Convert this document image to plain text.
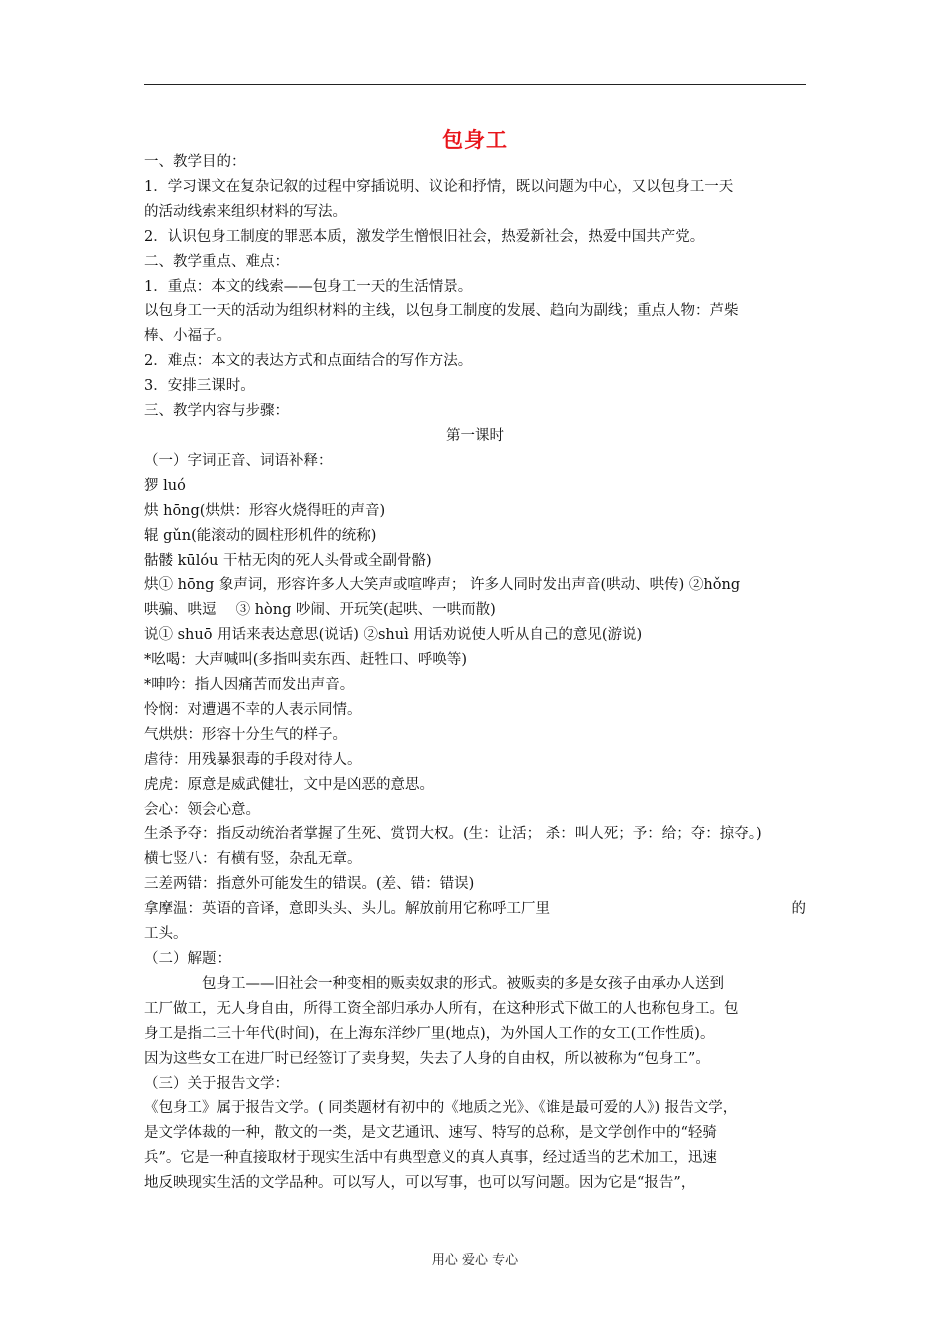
包身工

一、教学目的：

1．学习课文在复杂记叙的过程中穿插说明、议论和抒情，既以问题为中心，又以包身工一天

的活动线索来组织材料的写法。

2．认识包身工制度的罪恶本质，激发学生憎恨旧社会，热爱新社会，热爱中国共产党。

二、教学重点、难点：

1．重点：本文的线索——包身工一天的生活情景。

以包身工一天的活动为组织材料的主线，以包身工制度的发展、趋向为副线；重点人物：芦柴

棒、小福子。

2．难点：本文的表达方式和点面结合的写作方法。

3．安排三课时。

三、教学内容与步骤：

第一课时

（一）字词正音、词语补释：

猡 luó

烘 hōng(烘烘：形容火烧得旺的声音)

辊 gǔn(能滚动的圆柱形机件的统称)

骷髅 kūlóu 干枯无肉的死人头骨或全副骨骼)

烘① hōng 象声词，形容许多人大笑声或喧哗声； 许多人同时发出声音(哄动、哄传) ②hǒng

哄骗、哄逗　 ③ hòng 吵闹、开玩笑(起哄、一哄而散)

说① shuō 用话来表达意思(说话) ②shuì 用话劝说使人听从自己的意见(游说)

*吆喝：大声喊叫(多指叫卖东西、赶牲口、呼唤等)

*呻吟：指人因痛苦而发出声音。

怜悯：对遭遇不幸的人表示同情。

气烘烘：形容十分生气的样子。

虐待：用残暴狠毒的手段对待人。

虎虎：原意是威武健壮，文中是凶恶的意思。

会心：领会心意。

生杀予夺：指反动统治者掌握了生死、赏罚大权。(生：让活； 杀：叫人死；予：给；夺：掠夺。)

横七竖八：有横有竖，杂乱无章。

三差两错：指意外可能发生的错误。(差、错：错误)

拿摩温：英语的音译，意即头头、头儿。解放前用它称呼工厂里	的

工头。

（二）解题：

包身工——旧社会一种变相的贩卖奴隶的形式。被贩卖的多是女孩子由承办人送到

工厂做工，无人身自由，所得工资全部归承办人所有，在这种形式下做工的人也称包身工。包

身工是指二三十年代(时间)，在上海东洋纱厂里(地点)，为外国人工作的女工(工作性质)。

因为这些女工在进厂时已经签订了卖身契，失去了人身的自由权，所以被称为“包身工”。

（三）关于报告文学：

《包身工》属于报告文学。( 同类题材有初中的《地质之光》、《谁是最可爱的人》) 报告文学，

是文学体裁的一种，散文的一类，是文艺通讯、速写、特写的总称，是文学创作中的“轻骑

兵”。它是一种直接取材于现实生活中有典型意义的真人真事，经过适当的艺术加工，迅速

地反映现实生活的文学品种。可以写人，可以写事，也可以写问题。因为它是“报告”，

用心 爱心 专心
